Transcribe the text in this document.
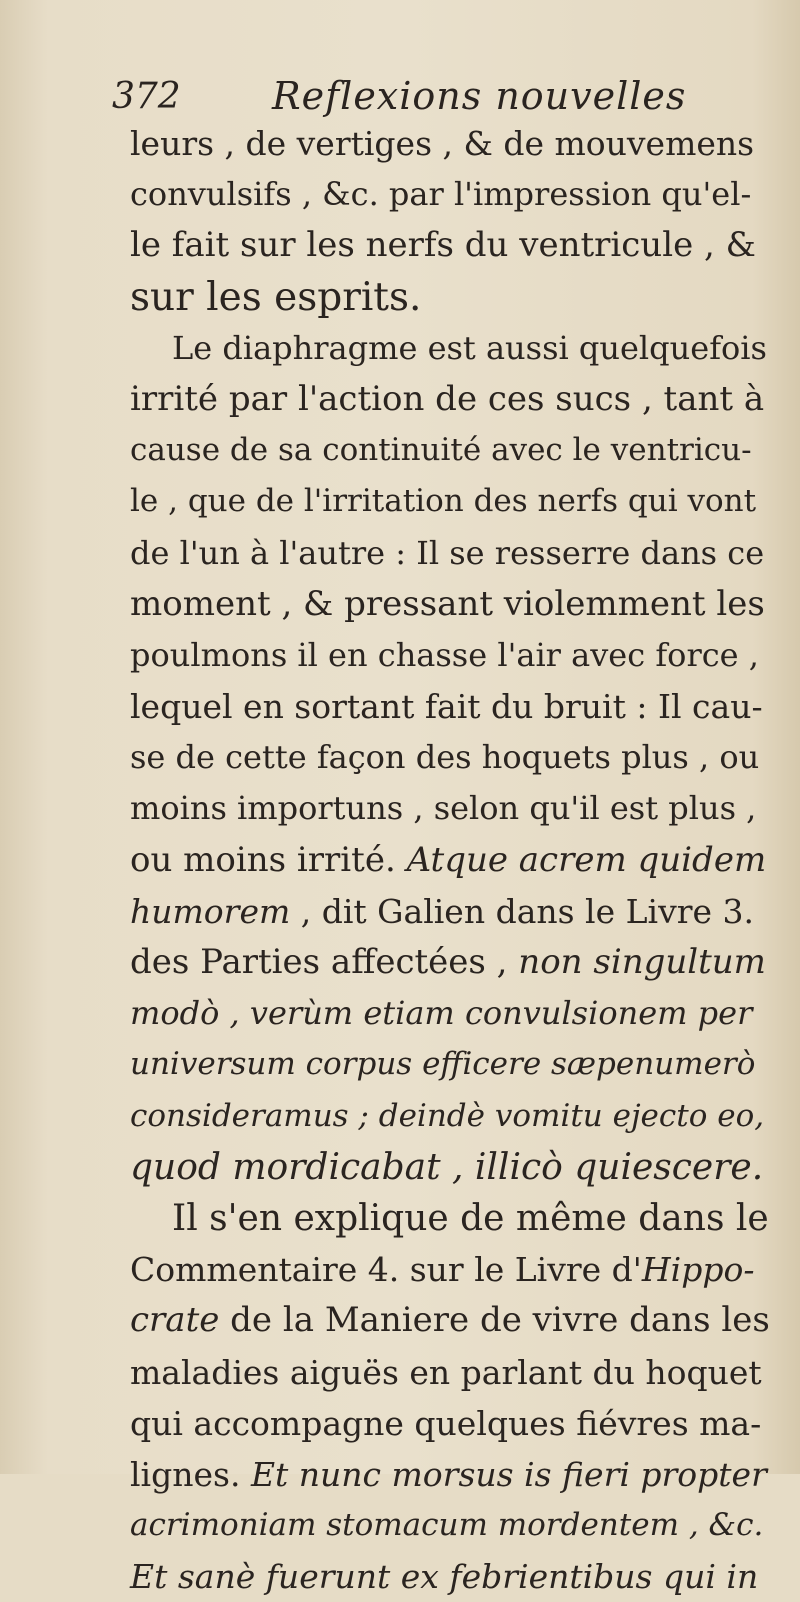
372 Reflexions nouvelles
leurs , de vertiges , & de mouvemens
convulsifs , &c. par l'impression qu'el-
le fait sur les nerfs du ventricule , &
sur les esprits.
Le diaphragme est aussi quelquefois
irrité par l'action de ces sucs , tant à
cause de sa continuité avec le ventricu-
le , que de l'irritation des nerfs qui vont
de l'un à l'autre : Il se resserre dans ce
moment , & pressant violemment les
poulmons il en chasse l'air avec force ,
lequel en sortant fait du bruit : Il cau-
se de cette façon des hoquets plus , ou
moins importuns , selon qu'il est plus ,
ou moins irrité. Atque acrem quidem
humorem , dit Galien dans le Livre 3.
des Parties affectées , non singultum
modò , verùm etiam convulsionem per
universum corpus efficere sæpenumerò
consideramus ; deindè vomitu ejecto eo,
quod mordicabat , illicò quiescere.
Il s'en explique de même dans le
Commentaire 4. sur le Livre d'Hippo-
crate de la Maniere de vivre dans les
maladies aiguës en parlant du hoquet
qui accompagne quelques fiévres ma-
lignes. Et nunc morsus is fieri propter
acrimoniam stomacum mordentem , &c.
Et sanè fuerunt ex febrientibus qui in
